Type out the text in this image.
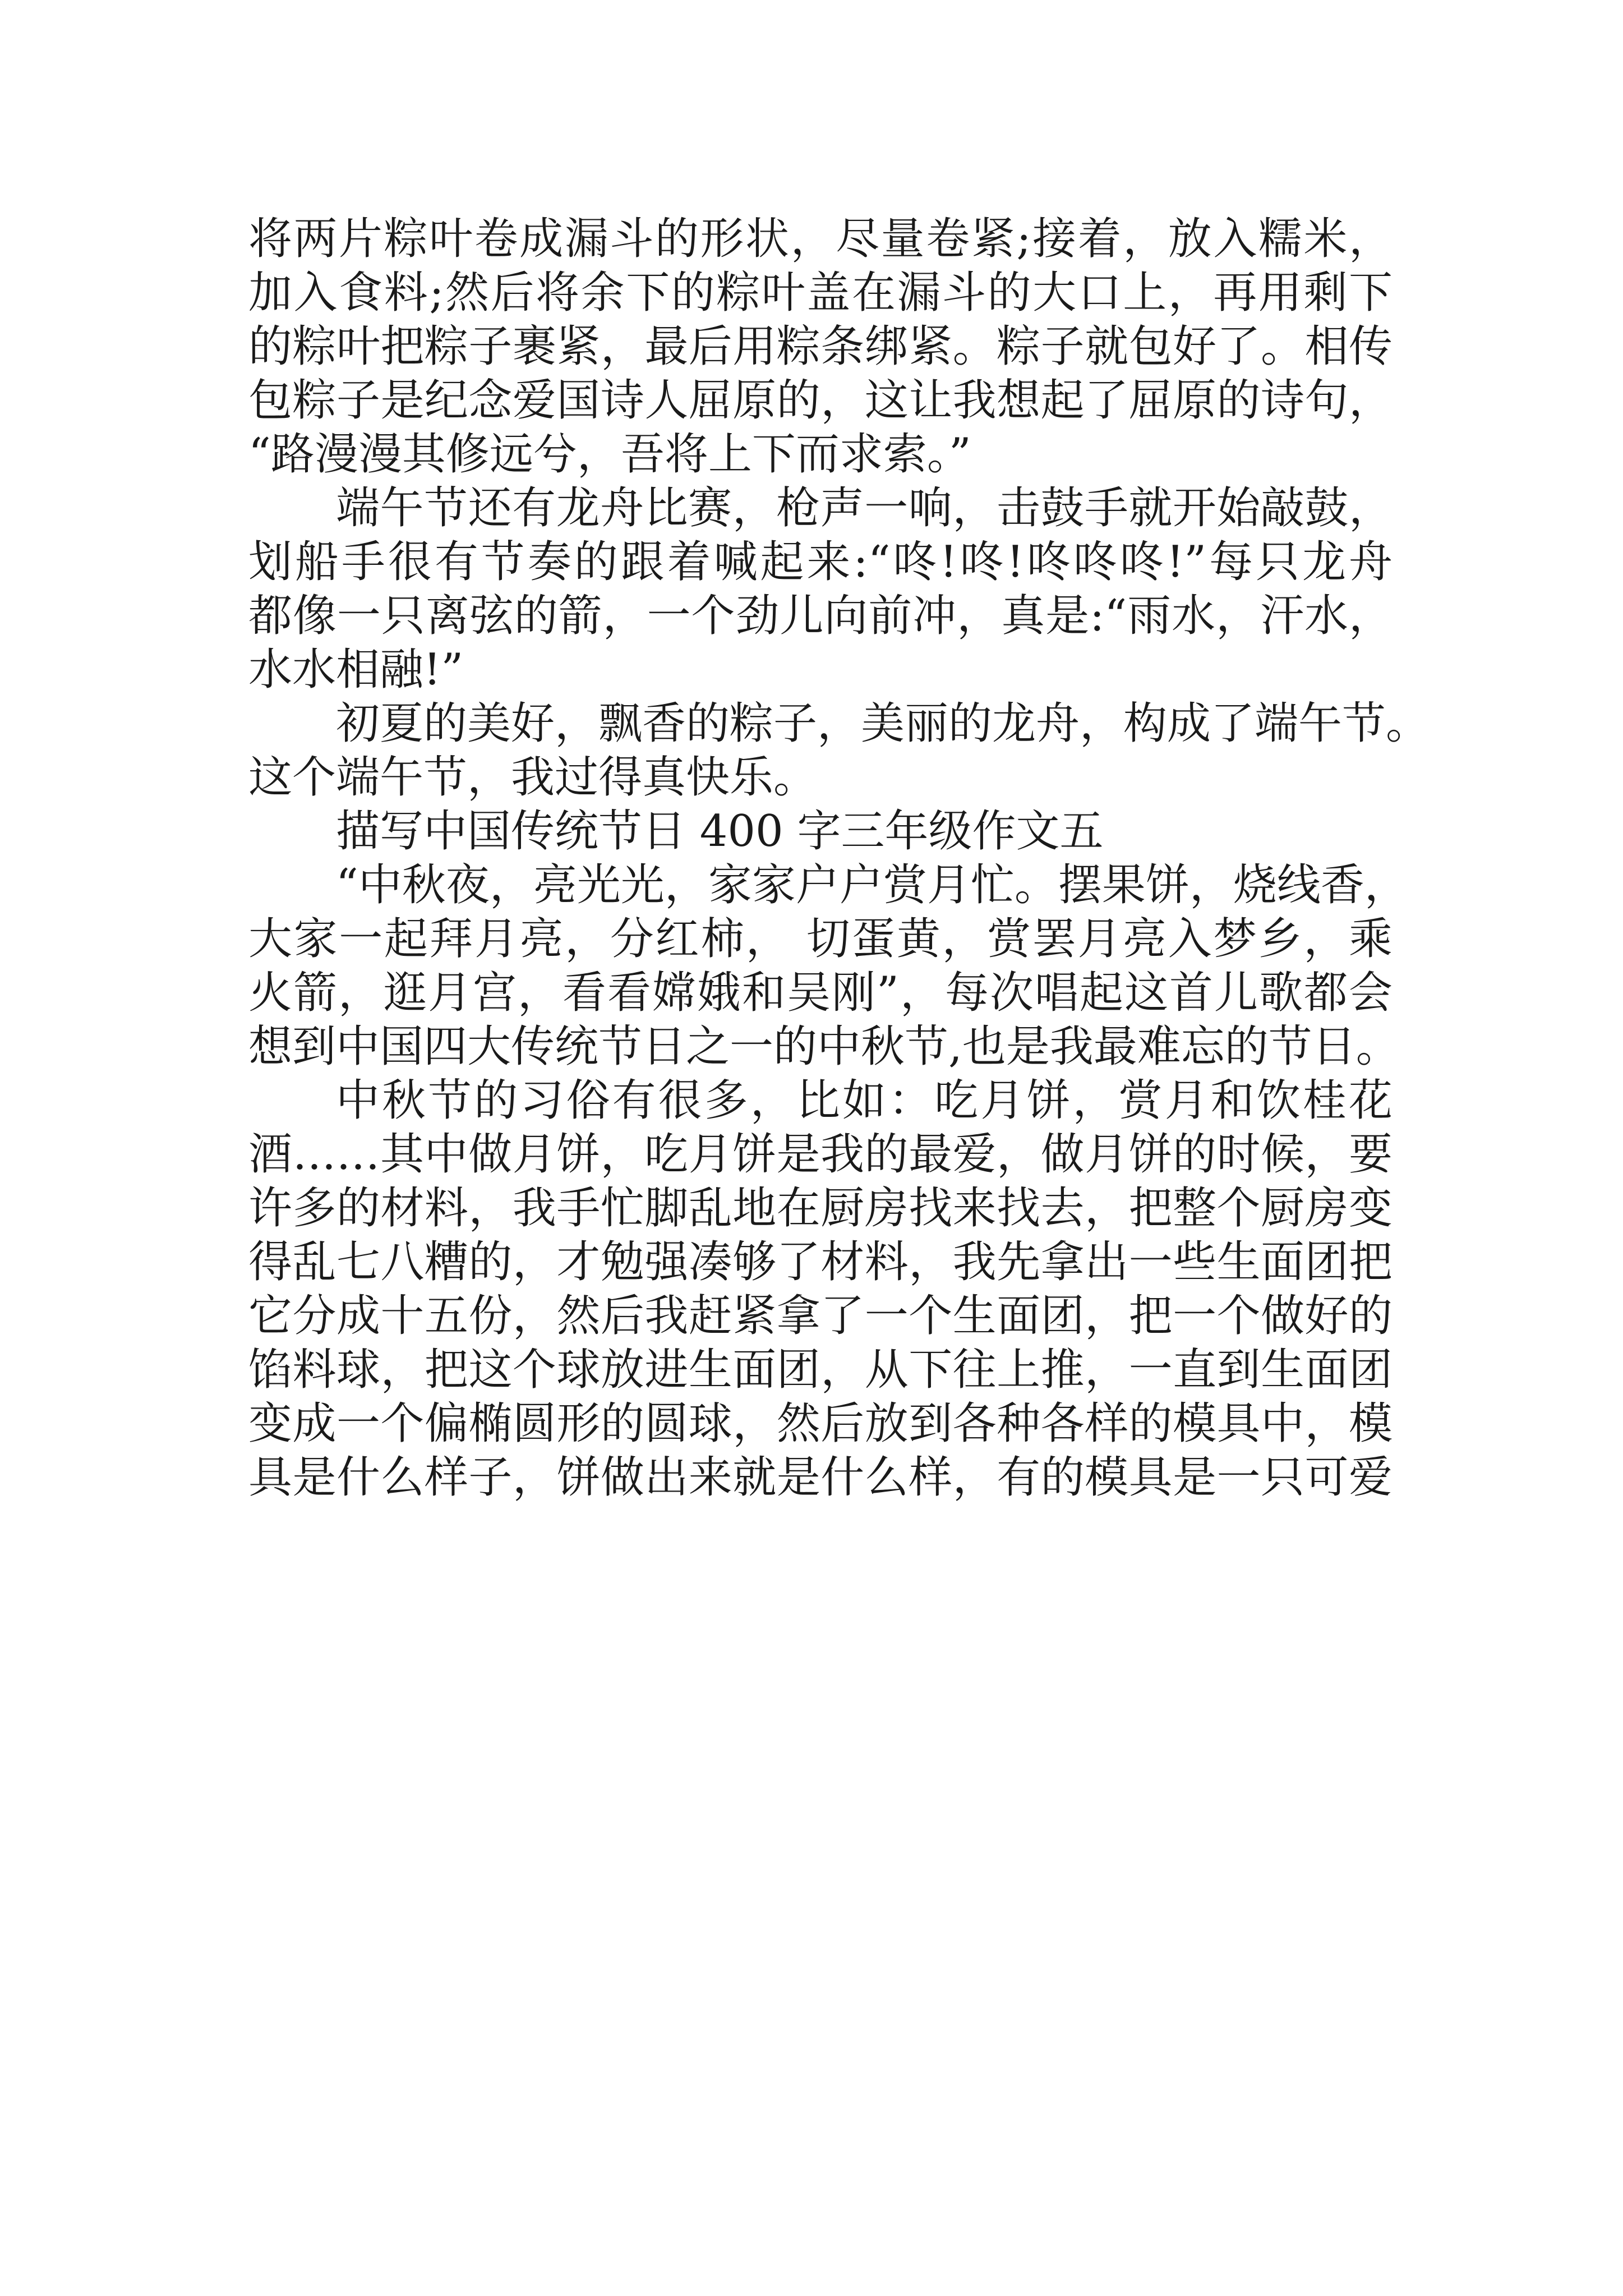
将两片粽叶卷成漏斗的形状，尽量卷紧;接着，放入糯米，
加入食料;然后将余下的粽叶盖在漏斗的大口上，再用剩下
的粽叶把粽子裹紧，最后用粽条绑紧。粽子就包好了。相传
包粽子是纪念爱国诗人屈原的，这让我想起了屈原的诗句，
“路漫漫其修远兮，吾将上下而求索。”
端午节还有龙舟比赛，枪声一响，击鼓手就开始敲鼓，
划船手很有节奏的跟着喊起来:“咚!咚!咚咚咚!”每只龙舟
都像一只离弦的箭，一个劲儿向前冲，真是:“雨水，汗水，
水水相融!”
初夏的美好，飘香的粽子，美丽的龙舟，构成了端午节。
这个端午节，我过得真快乐。
描写中国传统节日 400 字三年级作文五
“中秋夜，亮光光，家家户户赏月忙。摆果饼，烧线香，
大家一起拜月亮，分红柿， 切蛋黄，赏罢月亮入梦乡，乘
火箭，逛月宫，看看嫦娥和吴刚”，每次唱起这首儿歌都会
想到中国四大传统节日之一的中秋节,也是我最难忘的节日。
中秋节的习俗有很多，比如：吃月饼，赏月和饮桂花
酒……其中做月饼，吃月饼是我的最爱，做月饼的时候，要
许多的材料，我手忙脚乱地在厨房找来找去，把整个厨房变
得乱七八糟的，才勉强凑够了材料，我先拿出一些生面团把
它分成十五份，然后我赶紧拿了一个生面团，把一个做好的
馅料球，把这个球放进生面团，从下往上推，一直到生面团
变成一个偏椭圆形的圆球，然后放到各种各样的模具中，模
具是什么样子，饼做出来就是什么样，有的模具是一只可爱
